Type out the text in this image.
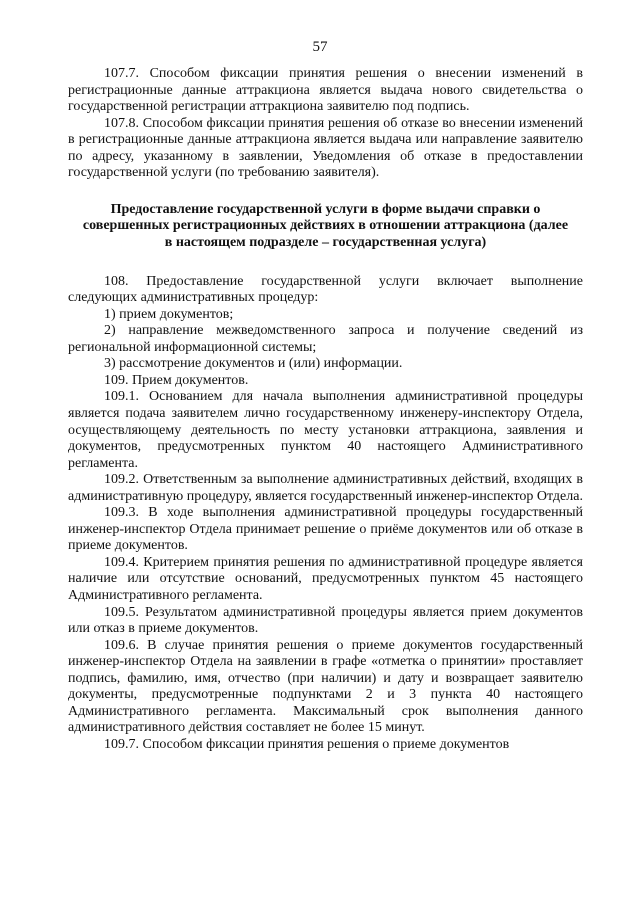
57

107.7. Способом фиксации принятия решения о внесении изменений в регистрационные данные аттракциона является выдача нового свидетельства о государственной регистрации аттракциона заявителю под подпись.

107.8. Способом фиксации принятия решения об отказе во внесении изменений в регистрационные данные аттракциона является выдача или направление заявителю по адресу, указанному в заявлении, Уведомления об отказе в предоставлении государственной услуги (по требованию заявителя).

Предоставление государственной услуги в форме выдачи справки о совершенных регистрационных действиях в отношении аттракциона (далее в настоящем подразделе – государственная услуга)

108. Предоставление государственной услуги включает выполнение следующих административных процедур:

1) прием документов;

2) направление межведомственного запроса и получение сведений из региональной информационной системы;

3) рассмотрение документов и (или) информации.

109. Прием документов.

109.1. Основанием для начала выполнения административной процедуры является подача заявителем лично государственному инженеру-инспектору Отдела, осуществляющему деятельность по месту установки аттракциона, заявления и документов, предусмотренных пунктом 40 настоящего Административного регламента.

109.2. Ответственным за выполнение административных действий, входящих в административную процедуру, является государственный инженер-инспектор Отдела.

109.3. В ходе выполнения административной процедуры государственный инженер-инспектор Отдела принимает решение о приёме документов или об отказе в приеме документов.

109.4. Критерием принятия решения по административной процедуре является наличие или отсутствие оснований, предусмотренных пунктом 45 настоящего Административного регламента.

109.5. Результатом административной процедуры является прием документов или отказ в приеме документов.

109.6. В случае принятия решения о приеме документов государственный инженер-инспектор Отдела на заявлении в графе «отметка о принятии» проставляет подпись, фамилию, имя, отчество (при наличии) и дату и возвращает заявителю документы, предусмотренные подпунктами 2 и 3 пункта 40 настоящего Административного регламента. Максимальный срок выполнения данного административного действия составляет не более 15 минут.

109.7. Способом фиксации принятия решения о приеме документов
